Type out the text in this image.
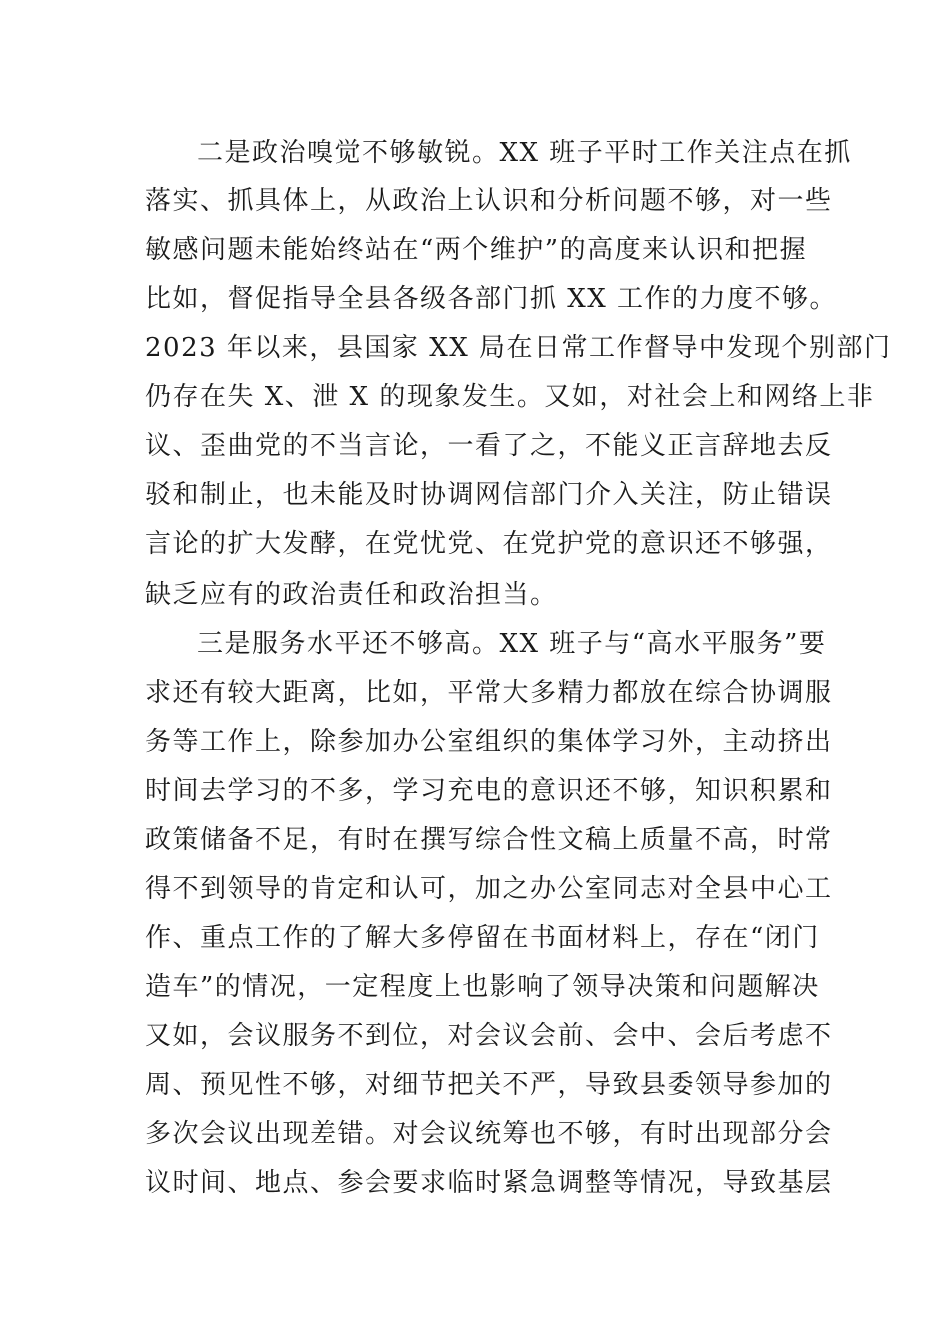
二是政治嗅觉不够敏锐。XX 班子平时工作关注点在抓

落实、抓具体上，从政治上认识和分析问题不够，对一些

敏感问题未能始终站在“两个维护”的高度来认识和把握

比如，督促指导全县各级各部门抓 XX 工作的力度不够。

2023 年以来，县国家 XX 局在日常工作督导中发现个别部门

仍存在失 X、泄 X 的现象发生。又如，对社会上和网络上非

议、歪曲党的不当言论，一看了之，不能义正言辞地去反

驳和制止，也未能及时协调网信部门介入关注，防止错误

言论的扩大发酵，在党忧党、在党护党的意识还不够强，

缺乏应有的政治责任和政治担当。

三是服务水平还不够高。XX 班子与“高水平服务”要

求还有较大距离，比如，平常大多精力都放在综合协调服

务等工作上，除参加办公室组织的集体学习外，主动挤出

时间去学习的不多，学习充电的意识还不够，知识积累和

政策储备不足，有时在撰写综合性文稿上质量不高，时常

得不到领导的肯定和认可，加之办公室同志对全县中心工

作、重点工作的了解大多停留在书面材料上，存在“闭门

造车”的情况，一定程度上也影响了领导决策和问题解决

又如，会议服务不到位，对会议会前、会中、会后考虑不

周、预见性不够，对细节把关不严，导致县委领导参加的

多次会议出现差错。对会议统筹也不够，有时出现部分会

议时间、地点、参会要求临时紧急调整等情况，导致基层
